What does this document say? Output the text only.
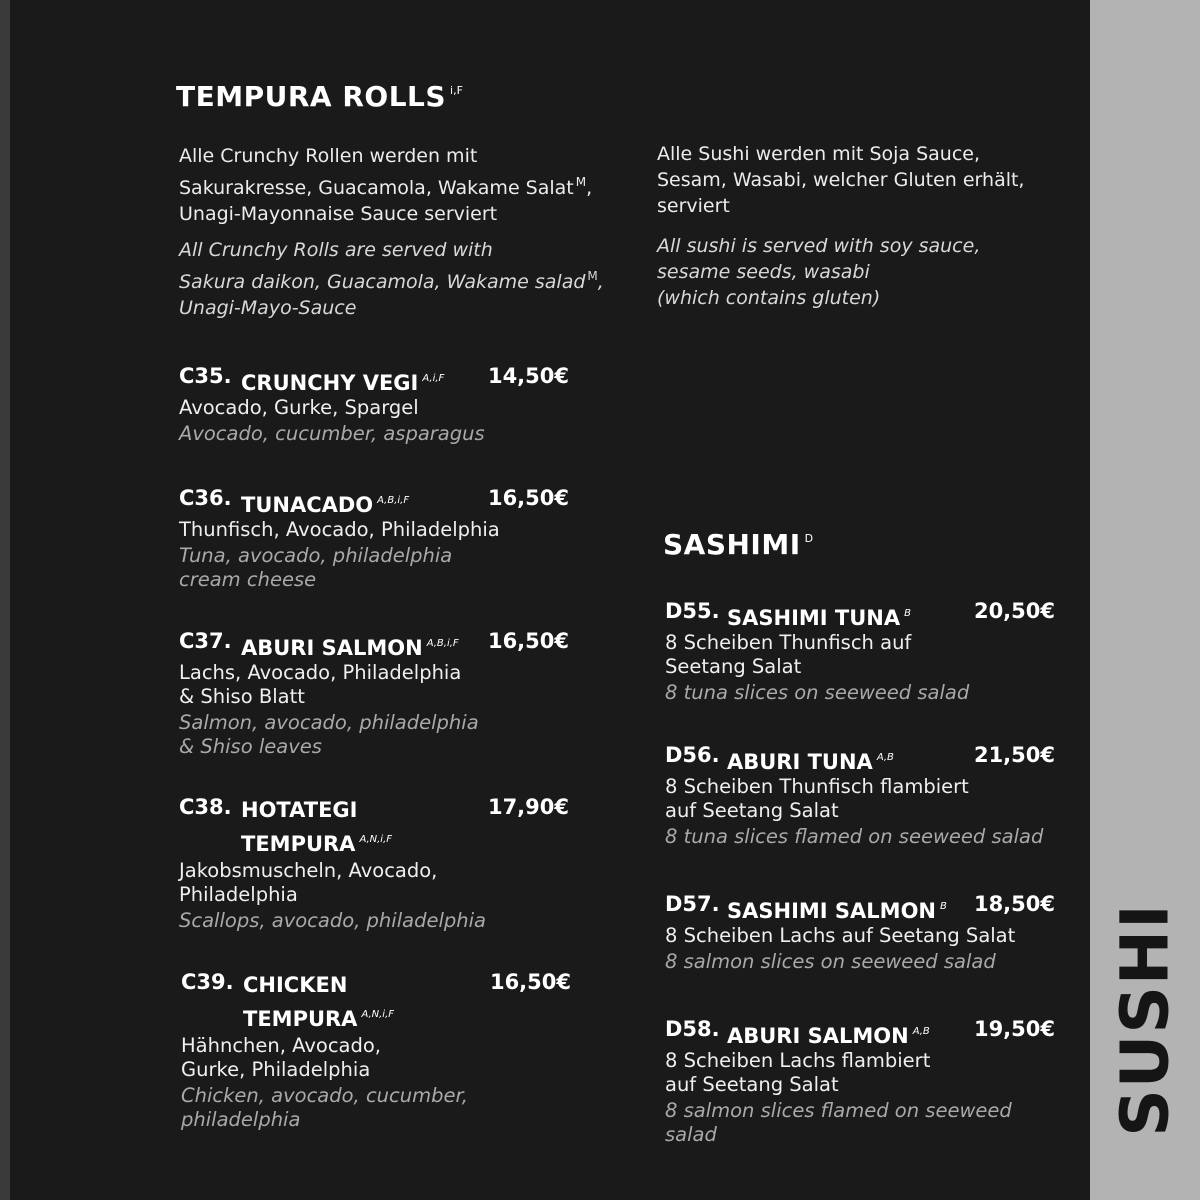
SUSHI
TEMPURA ROLLS $^{i,F}$
Alle Crunchy Rollen werden mit
Sakurakresse, Guacamola, Wakame Salat $^M$,
Unagi-Mayonnaise Sauce serviert
All Crunchy Rolls are served with
Sakura daikon, Guacamola, Wakame salad $^M$,
Unagi-Mayo-Sauce
Alle Sushi werden mit Soja Sauce,
Sesam, Wasabi, welcher Gluten erhält,
serviert
All sushi is served with soy sauce,
sesame seeds, wasabi
(which contains gluten)
C35. CRUNCHY VEGI $^{A,i,F}$ 14,50€
Avocado, Gurke, Spargel
Avocado, cucumber, asparagus
C36. TUNACADO $^{A,B,i,F}$	16,50€
Thunfisch, Avocado, Philadelphia
Tuna, avocado, philadelphia
cream cheese
C37. ABURI SALMON $^{A,B,i,F}$ 16,50€
Lachs, Avocado, Philadelphia
& Shiso Blatt
Salmon, avocado, philadelphia
& Shiso leaves
C38. HOTATEGI
TEMPURA $^{A,N,i,F}$
17,90€
Jakobsmuscheln, Avocado,
Philadelphia
Scallops, avocado, philadelphia
C39. CHICKEN
TEMPURA $^{A,N,i,F}$
16,50€
Hähnchen, Avocado,
Gurke, Philadelphia
Chicken, avocado, cucumber,
philadelphia
SASHIMI $^D$
D55. SASHIMI TUNA $^B$	20,50€
8 Scheiben Thunfisch auf
Seetang Salat
8 tuna slices on seeweed salad
D56. ABURI TUNA $^{A,B}$	21,50€
8 Scheiben Thunfisch flambiert
auf Seetang Salat
8 tuna slices flamed on seeweed salad
D57. SASHIMI SALMON $^B$ 18,50€
8 Scheiben Lachs auf Seetang Salat
8 salmon slices on seeweed salad
D58. ABURI SALMON $^{A,B}$ 19,50€
8 Scheiben Lachs flambiert
auf Seetang Salat
8 salmon slices flamed on seeweed salad
